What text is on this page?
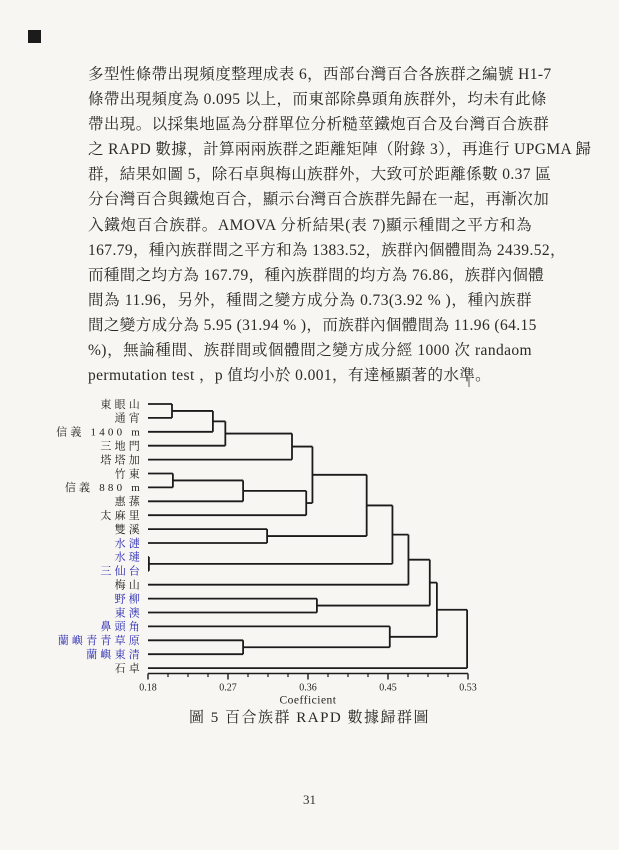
多型性條帶出現頻度整理成表 6，西部台灣百合各族群之編號 H1-7
條帶出現頻度為 0.095 以上，而東部除鼻頭角族群外，均未有此條
帶出現。以採集地區為分群單位分析糙莖鐵炮百合及台灣百合族群
之 RAPD 數據，計算兩兩族群之距離矩陣（附錄 3），再進行 UPGMA 歸
群，結果如圖 5，除石卓與梅山族群外，大致可於距離係數 0.37 區
分台灣百合與鐵炮百合，顯示台灣百合族群先歸在一起，再漸次加
入鐵炮百合族群。AMOVA 分析結果(表 7)顯示種間之平方和為
167.79，種內族群間之平方和為 1383.52，族群內個體間為 2439.52，
而種間之均方為 167.79，種內族群間的均方為 76.86，族群內個體
間為 11.96，另外，種間之變方成分為 0.73(3.92 % )，種內族群
間之變方成分為 5.95 (31.94 % )，而族群內個體間為 11.96 (64.15
%)，無論種間、族群間或個體間之變方成分經 1000 次 randaom
permutation test ，p 值均小於 0.001，有達極顯著的水準。
東眼山
通宵
信義 1400 m
三地門
塔塔加
竹東
信義 880 m
惠蓀
太麻里
雙溪
水漣
水璉
三仙台
梅山
野柳
東澳
鼻頭角
蘭嶼青青草原
蘭嶼東清
石卓
0.18	0.27	0.36	0.45	0.53
Coefficient
圖 5 百合族群 RAPD 數據歸群圖
31
